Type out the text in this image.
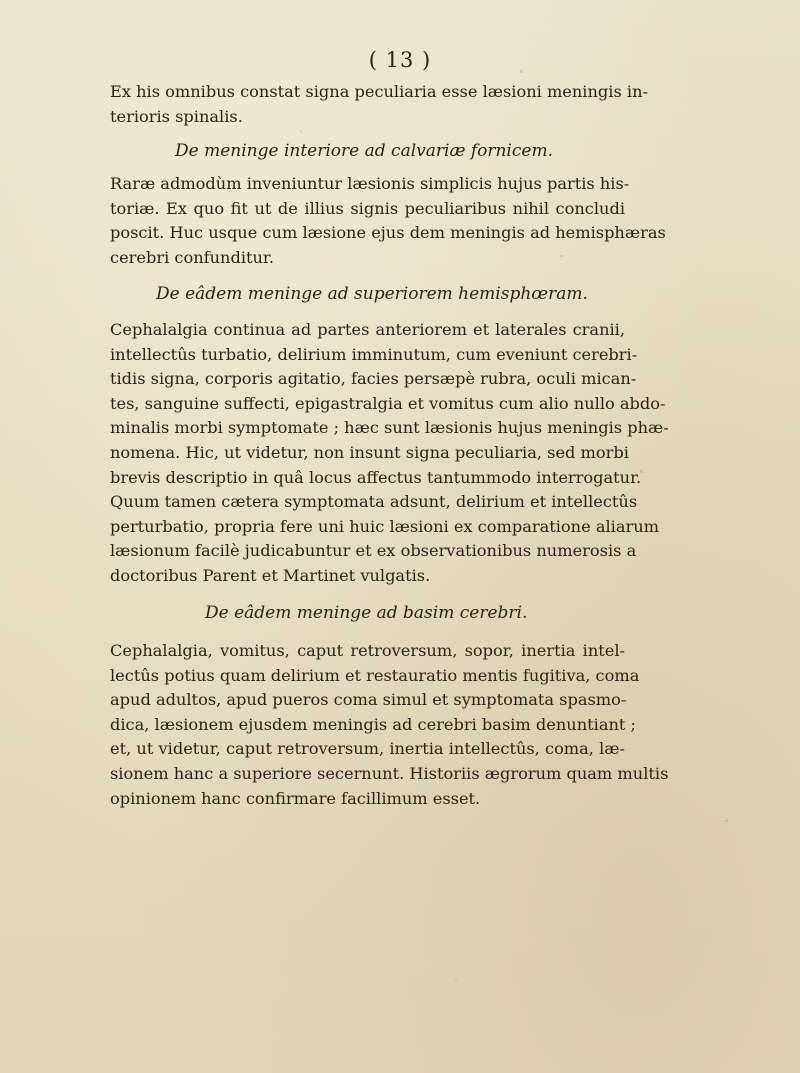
( 13 )

Ex his omnibus constat signa peculiaria esse læsioni meningis in-
terioris spinalis.

De meninge interiore ad calvariæ fornicem.

Raræ admodùm inveniuntur læsionis simplicis hujus partis his-
toriæ. Ex quo fit ut de illius signis peculiaribus nihil concludi
poscit. Huc usque cum læsione ejus dem meningis ad hemisphæras
cerebri confunditur.

De eâdem meninge ad superiorem hemisphœram.

Cephalalgia continua ad partes anteriorem et laterales cranii,
intellectûs turbatio, delirium imminutum, cum eveniunt cerebri-
tidis signa, corporis agitatio, facies persæpè rubra, oculi mican-
tes, sanguine suffecti, epigastralgia et vomitus cum alio nullo abdo-
minalis morbi symptomate ; hæc sunt læsionis hujus meningis phæ-
nomena. Hic, ut videtur, non insunt signa peculiaria, sed morbi
brevis descriptio in quâ locus affectus tantummodo interrogatur.
Quum tamen cætera symptomata adsunt, delirium et intellectûs
perturbatio, propria fere uni huic læsioni ex comparatione aliarum
læsionum facilè judicabuntur et ex observationibus numerosis a
doctoribus Parent et Martinet vulgatis.

De eâdem meninge ad basim cerebri.

Cephalalgia, vomitus, caput retroversum, sopor, inertia intel-
lectûs potius quam delirium et restauratio mentis fugitiva, coma
apud adultos, apud pueros coma simul et symptomata spasmo-
dica, læsionem ejusdem meningis ad cerebri basim denuntiant ;
et, ut videtur, caput retroversum, inertia intellectûs, coma, læ-
sionem hanc a superiore secernunt. Historiis ægrorum quam multis
opinionem hanc confirmare facillimum esset.
